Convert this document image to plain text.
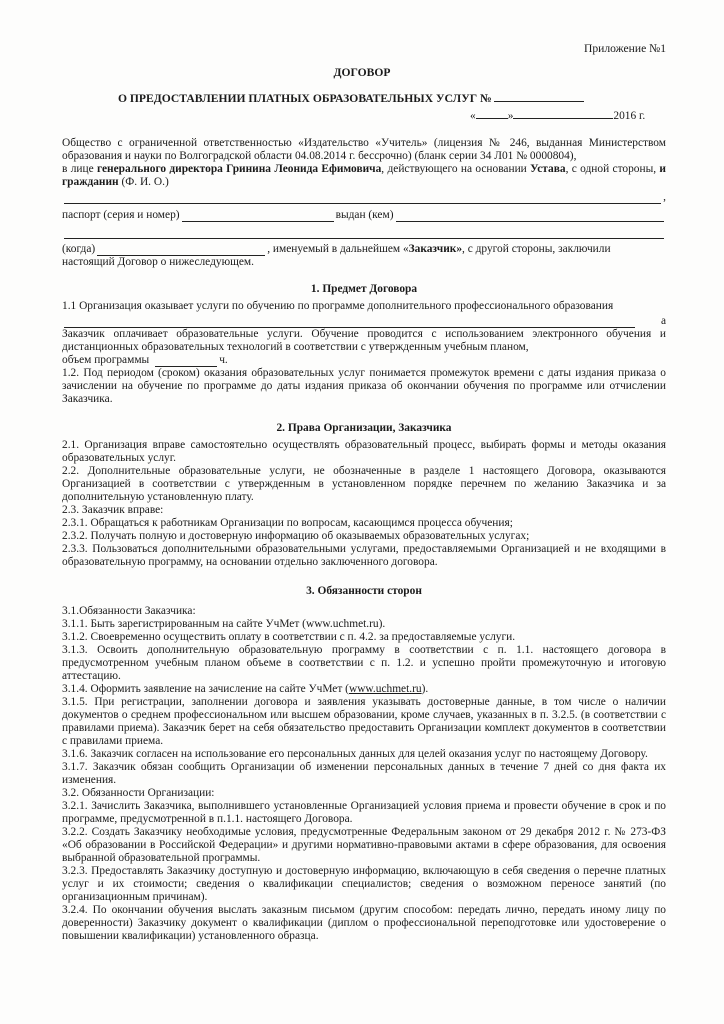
Приложение №1
ДОГОВОР
О ПРЕДОСТАВЛЕНИИ ПЛАТНЫХ ОБРАЗОВАТЕЛЬНЫХ УСЛУГ №
«	»	2016 г.

Общество с ограниченной ответственностью «Издательство «Учитель» (лицензия № 246, выданная Министерством образования и науки по Волгоградской области 04.08.2014 г. бессрочно) (бланк серии 34 Л01 № 0000804),

в лице генерального директора Гринина Леонида Ефимовича, действующего на основании Устава, с одной стороны, и гражданин (Ф. И. О.)

,
паспорт (серия и номер)	выдан (кем)
(когда)	, именуемый в дальнейшем « Заказчик» , с другой стороны, заключили

настоящий Договор о нижеследующем.

1. Предмет Договора

1.1 Организация оказывает услуги по обучению по программе дополнительного профессионального образования

а

Заказчик оплачивает образовательные услуги. Обучение проводится с использованием электронного обучения и дистанционных образовательных технологий в соответствии с утвержденным учебным планом,

объем программы	ч.

1.2. Под периодом (сроком) оказания образовательных услуг понимается промежуток времени с даты издания приказа о зачислении на обучение по программе до даты издания приказа об окончании обучения по программе или отчислении Заказчика.

2. Права Организации, Заказчика

2.1. Организация вправе самостоятельно осуществлять образовательный процесс, выбирать формы и методы оказания образовательных услуг.

2.2. Дополнительные образовательные услуги, не обозначенные в разделе 1 настоящего Договора, оказываются Организацией в соответствии с утвержденным в установленном порядке перечнем по желанию Заказчика и за дополнительную установленную плату.

2.3. Заказчик вправе:

2.3.1. Обращаться к работникам Организации по вопросам, касающимся процесса обучения;

2.3.2. Получать полную и достоверную информацию об оказываемых образовательных услугах;

2.3.3. Пользоваться дополнительными образовательными услугами, предоставляемыми Организацией и не входящими в образовательную программу, на основании отдельно заключенного договора.

3. Обязанности сторон

3.1.Обязанности Заказчика:

3.1.1. Быть зарегистрированным на сайте УчМет (www.uchmet.ru).

3.1.2. Своевременно осуществить оплату в соответствии с п. 4.2. за предоставляемые услуги.

3.1.3. Освоить дополнительную образовательную программу в соответствии с п. 1.1. настоящего договора в предусмотренном учебным планом объеме в соответствии с п. 1.2. и успешно пройти промежуточную и итоговую аттестацию.

3.1.4. Оформить заявление на зачисление на сайте УчМет (www.uchmet.ru).

3.1.5. При регистрации, заполнении договора и заявления указывать достоверные данные, в том числе о наличии документов о среднем профессиональном или высшем образовании, кроме случаев, указанных в п. 3.2.5. (в соответствии с правилами приема). Заказчик берет на себя обязательство предоставить Организации комплект документов в соответствии с правилами приема.

3.1.6. Заказчик согласен на использование его персональных данных для целей оказания услуг по настоящему Договору.

3.1.7. Заказчик обязан сообщить Организации об изменении персональных данных в течение 7 дней со дня факта их изменения.

3.2. Обязанности Организации:

3.2.1. Зачислить Заказчика, выполнившего установленные Организацией условия приема и провести обучение в срок и по программе, предусмотренной в п.1.1. настоящего Договора.

3.2.2. Создать Заказчику необходимые условия, предусмотренные Федеральным законом от 29 декабря 2012 г. № 273-ФЗ «Об образовании в Российской Федерации» и другими нормативно-правовыми актами в сфере образования, для освоения выбранной образовательной программы.

3.2.3. Предоставлять Заказчику доступную и достоверную информацию, включающую в себя сведения о перечне платных услуг и их стоимости; сведения о квалификации специалистов; сведения о возможном переносе занятий (по организационным причинам).

3.2.4. По окончании обучения выслать заказным письмом (другим способом: передать лично, передать иному лицу по доверенности) Заказчику документ о квалификации (диплом о профессиональной переподготовке или удостоверение о повышении квалификации) установленного образца.
